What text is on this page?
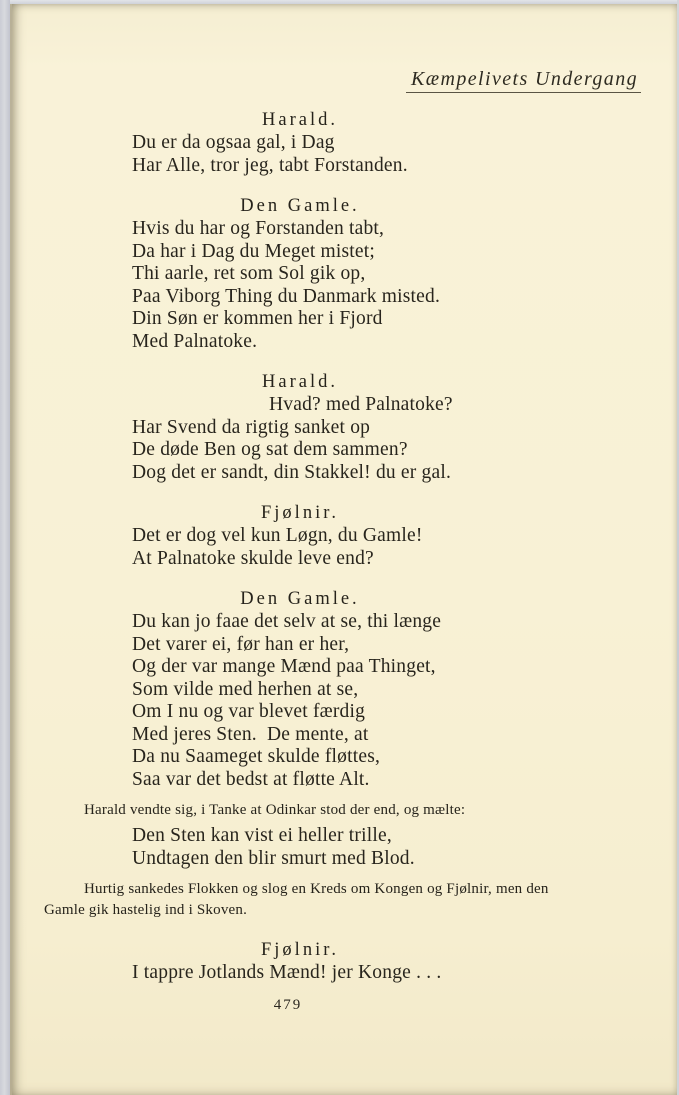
Kæmpelivets Undergang
Harald.
Du er da ogsaa gal, i Dag
Har Alle, tror jeg, tabt Forstanden.
Den Gamle.
Hvis du har og Forstanden tabt,
Da har i Dag du Meget mistet;
Thi aarle, ret som Sol gik op,
Paa Viborg Thing du Danmark misted.
Din Søn er kommen her i Fjord
Med Palnatoke.
Harald.
Hvad? med Palnatoke?
Har Svend da rigtig sanket op
De døde Ben og sat dem sammen?
Dog det er sandt, din Stakkel! du er gal.
Fjølnir.
Det er dog vel kun Løgn, du Gamle!
At Palnatoke skulde leve end?
Den Gamle.
Du kan jo faae det selv at se, thi længe
Det varer ei, før han er her,
Og der var mange Mænd paa Thinget,
Som vilde med herhen at se,
Om I nu og var blevet færdig
Med jeres Sten.  De mente, at
Da nu Saameget skulde fløttes,
Saa var det bedst at fløtte Alt.

Harald vendte sig, i Tanke at Odinkar stod der end, og mælte:

Den Sten kan vist ei heller trille,
Undtagen den blir smurt med Blod.

Hurtig sankedes Flokken og slog en Kreds om Kongen og Fjølnir, men den Gamle gik hastelig ind i Skoven.

Fjølnir.
I tappre Jotlands Mænd! jer Konge . . .
479
